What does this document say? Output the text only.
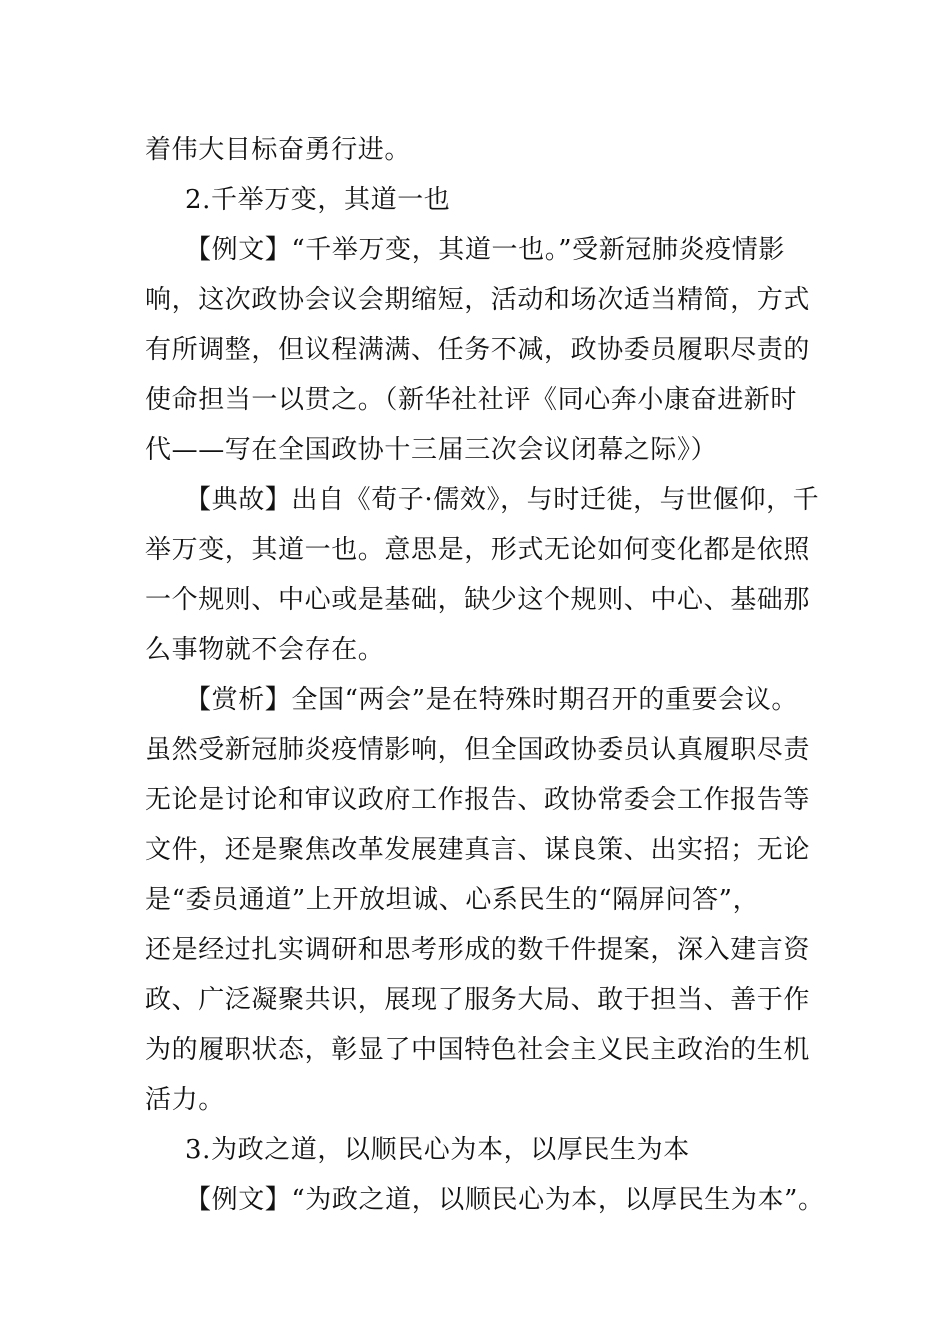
着伟大目标奋勇行进。
2.千举万变，其道一也
【例文】“千举万变，其道一也。”受新冠肺炎疫情影
响，这次政协会议会期缩短，活动和场次适当精简，方式
有所调整，但议程满满、任务不减，政协委员履职尽责的
使命担当一以贯之。（新华社社评《同心奔小康奋进新时
代——写在全国政协十三届三次会议闭幕之际》）
【典故】出自《荀子·儒效》，与时迁徙，与世偃仰，千
举万变，其道一也。意思是，形式无论如何变化都是依照
一个规则、中心或是基础，缺少这个规则、中心、基础那
么事物就不会存在。
【赏析】全国“两会”是在特殊时期召开的重要会议。
虽然受新冠肺炎疫情影响，但全国政协委员认真履职尽责
无论是讨论和审议政府工作报告、政协常委会工作报告等
文件，还是聚焦改革发展建真言、谋良策、出实招；无论
是“委员通道”上开放坦诚、心系民生的“隔屏问答”，
还是经过扎实调研和思考形成的数千件提案，深入建言资
政、广泛凝聚共识，展现了服务大局、敢于担当、善于作
为的履职状态，彰显了中国特色社会主义民主政治的生机
活力。
3.为政之道，以顺民心为本，以厚民生为本
【例文】“为政之道，以顺民心为本，以厚民生为本”。
